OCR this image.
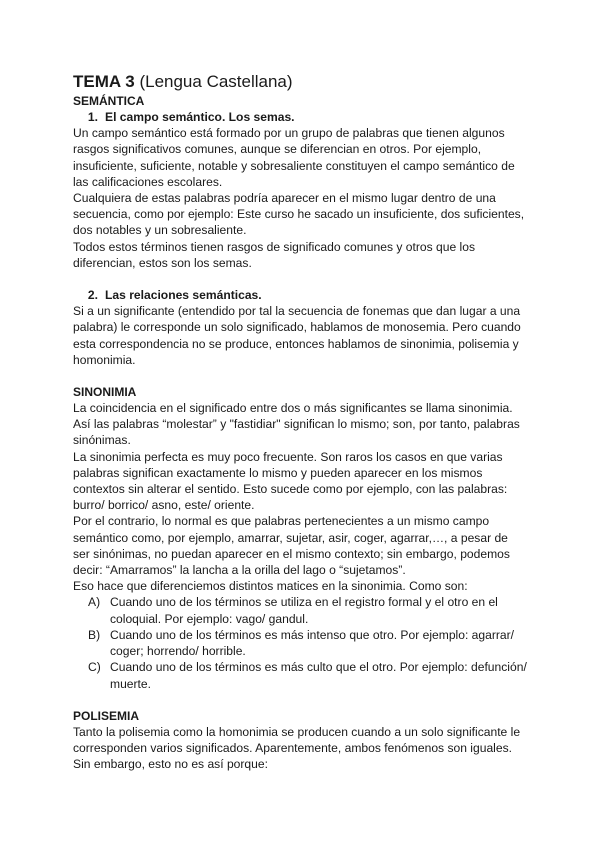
TEMA 3 (Lengua Castellana)
SEMÁNTICA
1. El campo semántico. Los semas.
Un campo semántico está formado por un grupo de palabras que tienen algunos
rasgos significativos comunes, aunque se diferencian en otros. Por ejemplo,
insuficiente, suficiente, notable y sobresaliente constituyen el campo semántico de
las calificaciones escolares.
Cualquiera de estas palabras podría aparecer en el mismo lugar dentro de una
secuencia, como por ejemplo: Este curso he sacado un insuficiente, dos suficientes,
dos notables y un sobresaliente.
Todos estos términos tienen rasgos de significado comunes y otros que los
diferencian, estos son los semas.
2. Las relaciones semánticas.
Si a un significante (entendido por tal la secuencia de fonemas que dan lugar a una
palabra) le corresponde un solo significado, hablamos de monosemia. Pero cuando
esta correspondencia no se produce, entonces hablamos de sinonimia, polisemia y
homonimia.
SINONIMIA
La coincidencia en el significado entre dos o más significantes se llama sinonimia.
Así las palabras “molestar” y "fastidiar" significan lo mismo; son, por tanto, palabras
sinónimas.
La sinonimia perfecta es muy poco frecuente. Son raros los casos en que varias
palabras significan exactamente lo mismo y pueden aparecer en los mismos
contextos sin alterar el sentido. Esto sucede como por ejemplo, con las palabras:
burro/ borrico/ asno, este/ oriente.
Por el contrario, lo normal es que palabras pertenecientes a un mismo campo
semántico como, por ejemplo, amarrar, sujetar, asir, coger, agarrar,…, a pesar de
ser sinónimas, no puedan aparecer en el mismo contexto; sin embargo, podemos
decir: “Amarramos” la lancha a la orilla del lago o “sujetamos”.
Eso hace que diferenciemos distintos matices en la sinonimia. Como son:
A) Cuando uno de los términos se utiliza en el registro formal y el otro en el
coloquial. Por ejemplo: vago/ gandul.
B) Cuando uno de los términos es más intenso que otro. Por ejemplo: agarrar/
coger; horrendo/ horrible.
C) Cuando uno de los términos es más culto que el otro. Por ejemplo: defunción/
muerte.
POLISEMIA
Tanto la polisemia como la homonimia se producen cuando a un solo significante le
corresponden varios significados. Aparentemente, ambos fenómenos son iguales.
Sin embargo, esto no es así porque:
